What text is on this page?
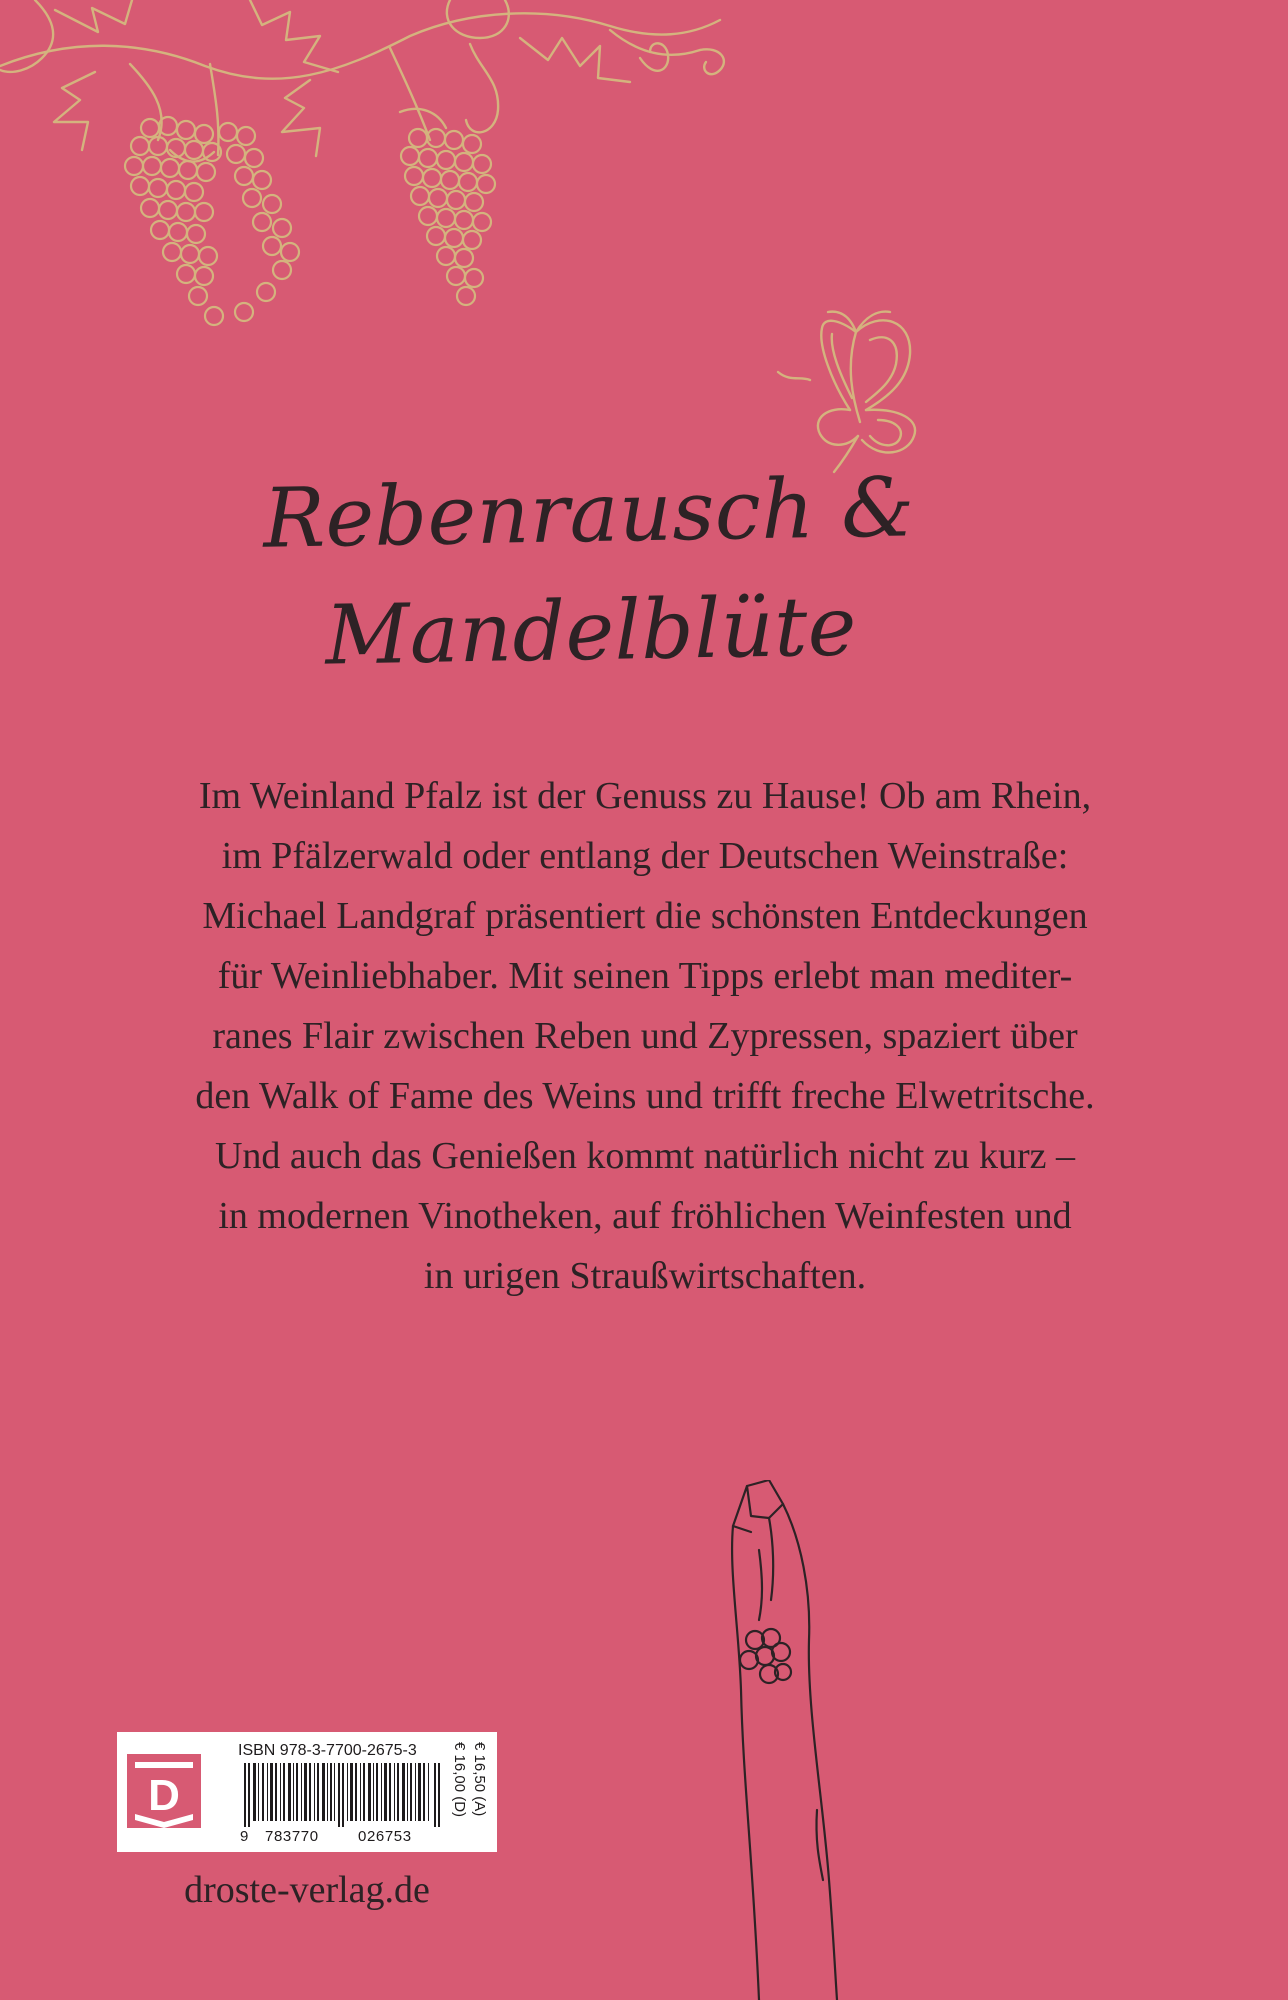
Rebenrausch &
Mandelblüte
Im Weinland Pfalz ist der Genuss zu Hause! Ob am Rhein,
im Pfälzerwald oder entlang der Deutschen Weinstraße:
Michael Landgraf präsentiert die schönsten Entdeckungen
für Weinliebhaber. Mit seinen Tipps erlebt man mediter-
ranes Flair zwischen Reben und Zypressen, spaziert über
den Walk of Fame des Weins und trifft freche Elwetritsche.
Und auch das Genießen kommt natürlich nicht zu kurz –
in modernen Vinotheken, auf fröhlichen Weinfesten und
in urigen Straußwirtschaften.
D
ISBN 978-3-7700-2675-3
9 783770	026753
€ 16,00 (D) € 16,50 (A)
droste-verlag.de
